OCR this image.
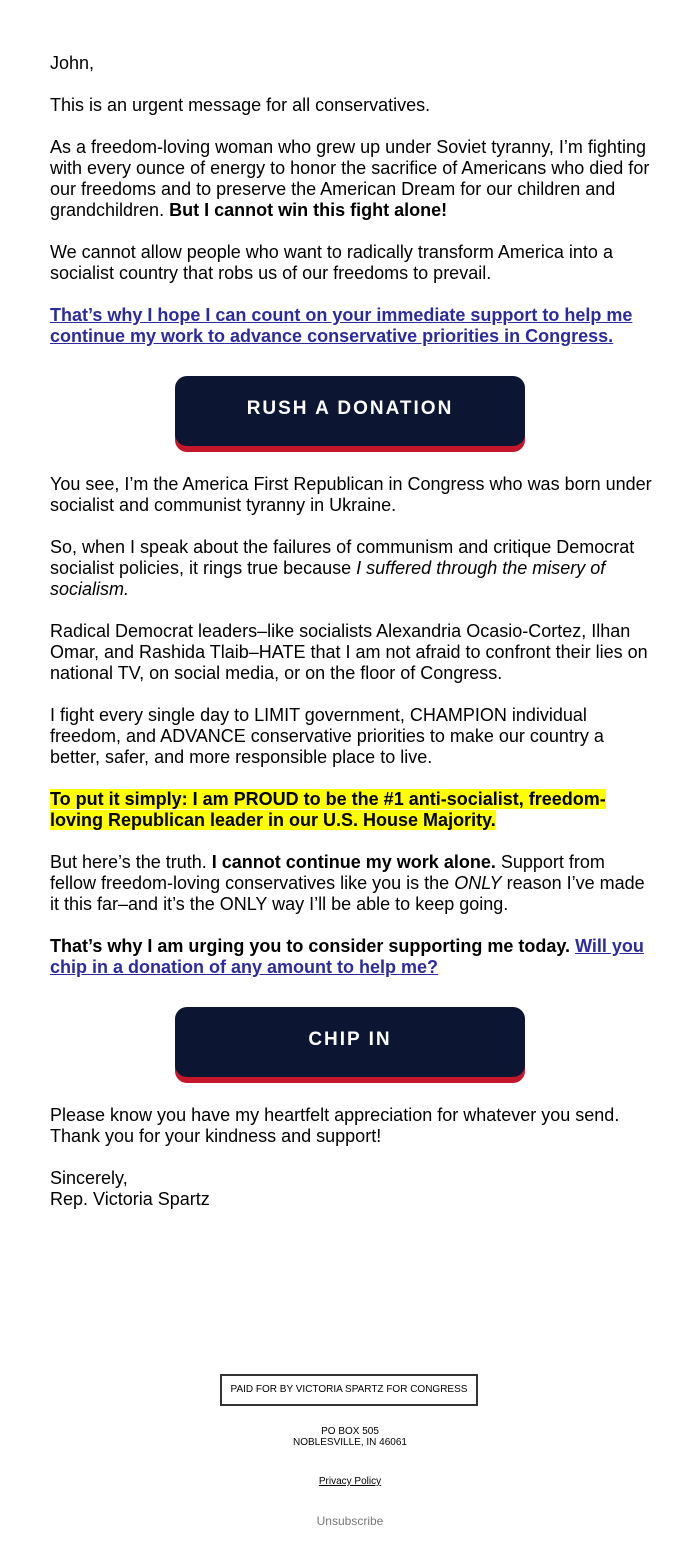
John,

This is an urgent message for all conservatives.

As a freedom-loving woman who grew up under Soviet tyranny, I’m fighting with every ounce of energy to honor the sacrifice of Americans who died for our freedoms and to preserve the American Dream for our children and grandchildren. But I cannot win this fight alone!

We cannot allow people who want to radically transform America into a socialist country that robs us of our freedoms to prevail.

That’s why I hope I can count on your immediate support to help me continue my work to advance conservative priorities in Congress.

RUSH A DONATION

You see, I’m the America First Republican in Congress who was born under socialist and communist tyranny in Ukraine.

So, when I speak about the failures of communism and critique Democrat socialist policies, it rings true because I suffered through the misery of socialism.

Radical Democrat leaders–like socialists Alexandria Ocasio-Cortez, Ilhan Omar, and Rashida Tlaib–HATE that I am not afraid to confront their lies on national TV, on social media, or on the floor of Congress.

I fight every single day to LIMIT government, CHAMPION individual freedom, and ADVANCE conservative priorities to make our country a better, safer, and more responsible place to live.

To put it simply: I am PROUD to be the #1 anti-socialist, freedom-loving Republican leader in our U.S. House Majority.

But here’s the truth. I cannot continue my work alone. Support from fellow freedom-loving conservatives like you is the ONLY reason I’ve made it this far–and it’s the ONLY way I’ll be able to keep going.

That’s why I am urging you to consider supporting me today. Will you chip in a donation of any amount to help me?

CHIP IN

Please know you have my heartfelt appreciation for whatever you send. Thank you for your kindness and support!

Sincerely,

Rep. Victoria Spartz

PAID FOR BY VICTORIA SPARTZ FOR CONGRESS
PO BOX 505
NOBLESVILLE, IN 46061
Privacy Policy
Unsubscribe
